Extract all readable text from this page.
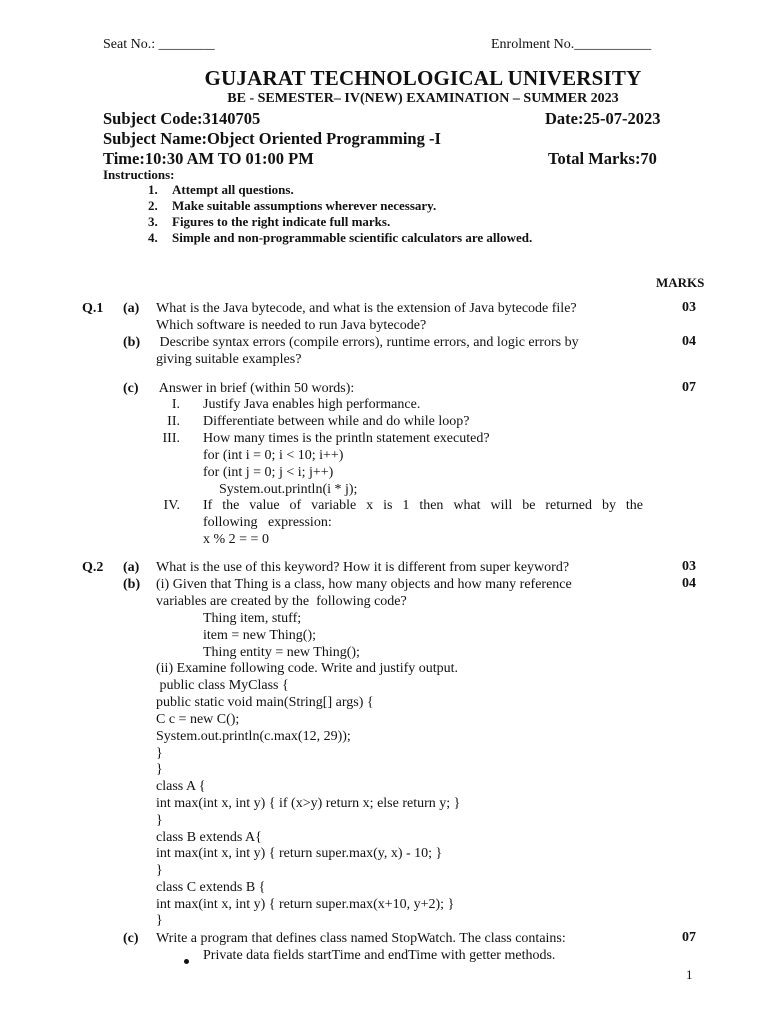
Seat No.: ________	Enrolment No.___________
GUJARAT TECHNOLOGICAL UNIVERSITY
BE - SEMESTER– IV(NEW) EXAMINATION – SUMMER 2023
Subject Code:3140705	Date:25-07-2023
Subject Name:Object Oriented Programming -I
Time:10:30 AM TO 01:00 PM	Total Marks:70
Instructions:
1. Attempt all questions.
2. Make suitable assumptions wherever necessary.
3. Figures to the right indicate full marks.
4. Simple and non-programmable scientific calculators are allowed.
MARKS
Q.1 (a) What is the Java bytecode, and what is the extension of Java bytecode file?
Which software is needed to run Java bytecode?
03
(b) Describe syntax errors (compile errors), runtime errors, and logic errors by
giving suitable examples?
04
(c) Answer in brief (within 50 words):	07
I. Justify Java enables high performance.
II. Differentiate between while and do while loop?
III. How many times is the println statement executed?
for (int i = 0; i < 10; i++)
for (int j = 0; j < i; j++)
System.out.println(i * j);
IV. If the value of variable x is 1 then what will be returned by the
following   expression:
x % 2 = = 0
Q.2 (a) What is the use of this keyword? How it is different from super keyword?	03
(b) (i) Given that Thing is a class, how many objects and how many reference
variables are created by the  following code?
04
Thing item, stuff;
item = new Thing();
Thing entity = new Thing();
(ii) Examine following code. Write and justify output.
public class MyClass {
public static void main(String[] args) {
C c = new C();
System.out.println(c.max(12, 29));
}
}
class A {
int max(int x, int y) { if (x>y) return x; else return y; }
}
class B extends A{
int max(int x, int y) { return super.max(y, x) - 10; }
}
class C extends B {
int max(int x, int y) { return super.max(x+10, y+2); }
}
(c) Write a program that defines class named StopWatch. The class contains:	07
Private data fields startTime and endTime with getter methods.
1
